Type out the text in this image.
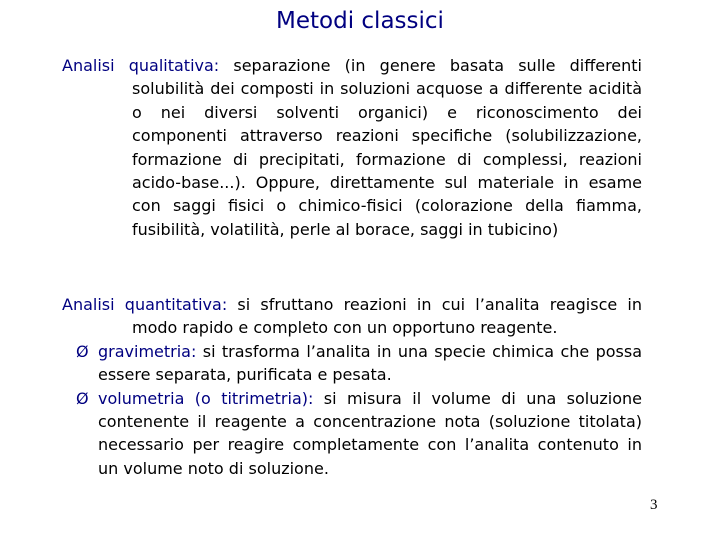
Metodi classici

Analisi qualitativa: separazione (in genere basata sulle differenti solubilità dei composti in soluzioni acquose a differente acidità o nei diversi solventi organici) e riconoscimento dei componenti attraverso reazioni specifiche (solubilizzazione, formazione di precipitati, formazione di complessi, reazioni acido-base...). Oppure, direttamente sul materiale in esame con saggi fisici o chimico-fisici (colorazione della fiamma, fusibilità, volatilità, perle al borace, saggi in tubicino)

Analisi quantitativa: si sfruttano reazioni in cui l’analita reagisce in modo rapido e completo con un opportuno reagente.

Ø gravimetria: si trasforma l’analita in una specie chimica che possa essere separata, purificata e pesata.

Ø volumetria (o titrimetria): si misura il volume di una soluzione contenente il reagente a concentrazione nota (soluzione titolata) necessario per reagire completamente con l’analita contenuto in un volume noto di soluzione.

3
